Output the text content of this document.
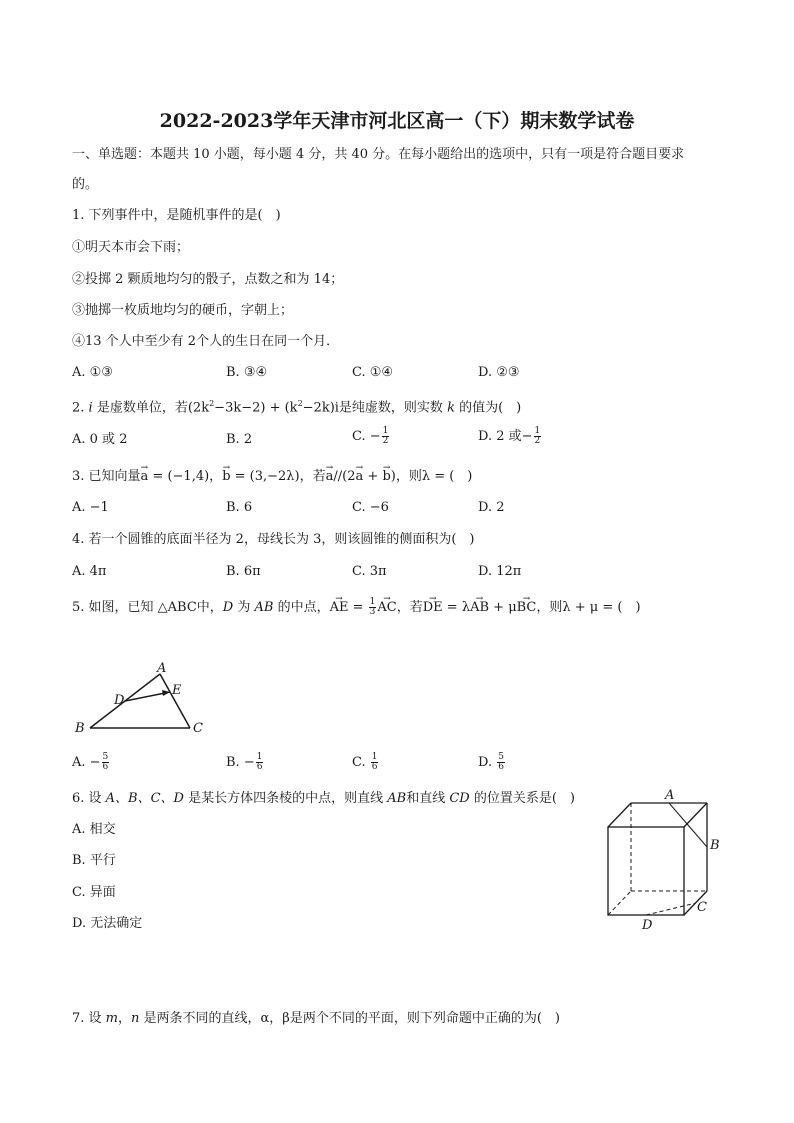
2022-2023学年天津市河北区高一（下）期末数学试卷
一、单选题：本题共 10 小题，每小题 4 分，共 40 分。在每小题给出的选项中，只有一项是符合题目要求
的。
1. 下列事件中，是随机事件的是(　)
①明天本市会下雨；
②投掷 2 颗质地均匀的骰子，点数之和为 14；
③抛掷一枚质地均匀的硬币，字朝上；
④13 个人中至少有 2个人的生日在同一个月．
A. ①③	B. ③④	C. ①④	D. ②③
2. i 是虚数单位，若$(2k^2-3k-2) + (k^2-2k)i$是纯虚数，则实数 k 的值为(　)
A. 0 或 2	B. 2	C. − $\frac{1}{2}$	D. 2 或− $\frac{1}{2}$
3. 已知向量→ a = (−1,4)，→ b = (3,−2λ)，若→ a//(2→ a + → b)，则λ = (　)
A. −1	B. 6	C. −6	D. 2
4. 若一个圆锥的底面半径为 2，母线长为 3，则该圆锥的侧面积为(　)
A. 4π	B. 6π	C. 3π	D. 12π
5. 如图，已知 △ABC中，D 为 AB 的中点，→ AE = $\frac{1}{3}$
→ AC，若→ DE = λ→ AB + μ→ BC，则λ + μ = (　)
A
B	C
D
E
A. − $\frac{5}{6}$	B. − $\frac{1}{6}$	C. $\frac{1}{6}$	D. $\frac{5}{6}$
6. 设 A、B、C、D 是某长方体四条棱的中点，则直线 AB和直线 CD 的位置关系是(　)
A. 相交
B. 平行
C. 异面
D. 无法确定
A
B
C
D
7. 设 m，n 是两条不同的直线，α，β是两个不同的平面，则下列命题中正确的为(　)
